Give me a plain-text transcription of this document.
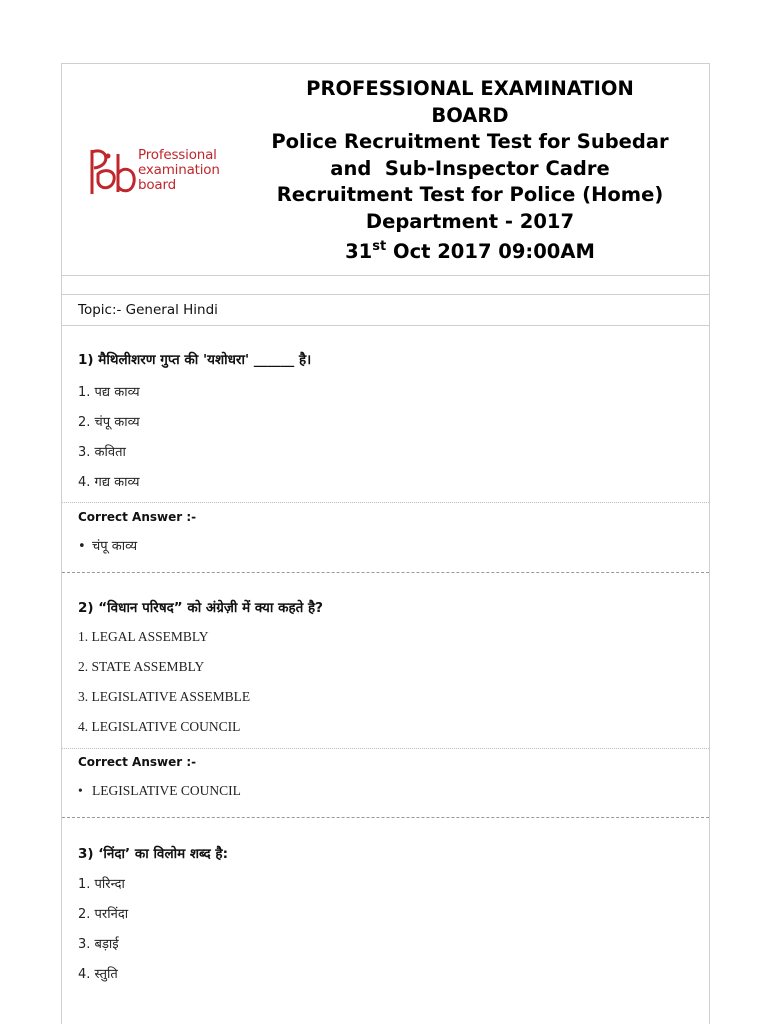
Professional
examination
board
PROFESSIONAL EXAMINATION
BOARD
Police Recruitment Test for Subedar
and  Sub-Inspector Cadre
Recruitment Test for Police (Home)
Department - 2017
31st Oct 2017 09:00AM
Topic:- General Hindi
1) मैथिलीशरण गुप्त की 'यशोधरा' ______ है।
1. पद्य काव्य
2. चंपू काव्य
3. कविता
4. गद्य काव्य
Correct Answer :-
• चंपू काव्य
2) “विधान परिषद” को अंग्रेज़ी में क्या कहते है?
1. LEGAL ASSEMBLY
2. STATE ASSEMBLY
3. LEGISLATIVE ASSEMBLE
4. LEGISLATIVE COUNCIL
Correct Answer :-
• LEGISLATIVE COUNCIL
3) ‘निंदा’ का विलोम शब्द है:
1. परिन्दा
2. परनिंदा
3. बड़ाई
4. स्तुति
